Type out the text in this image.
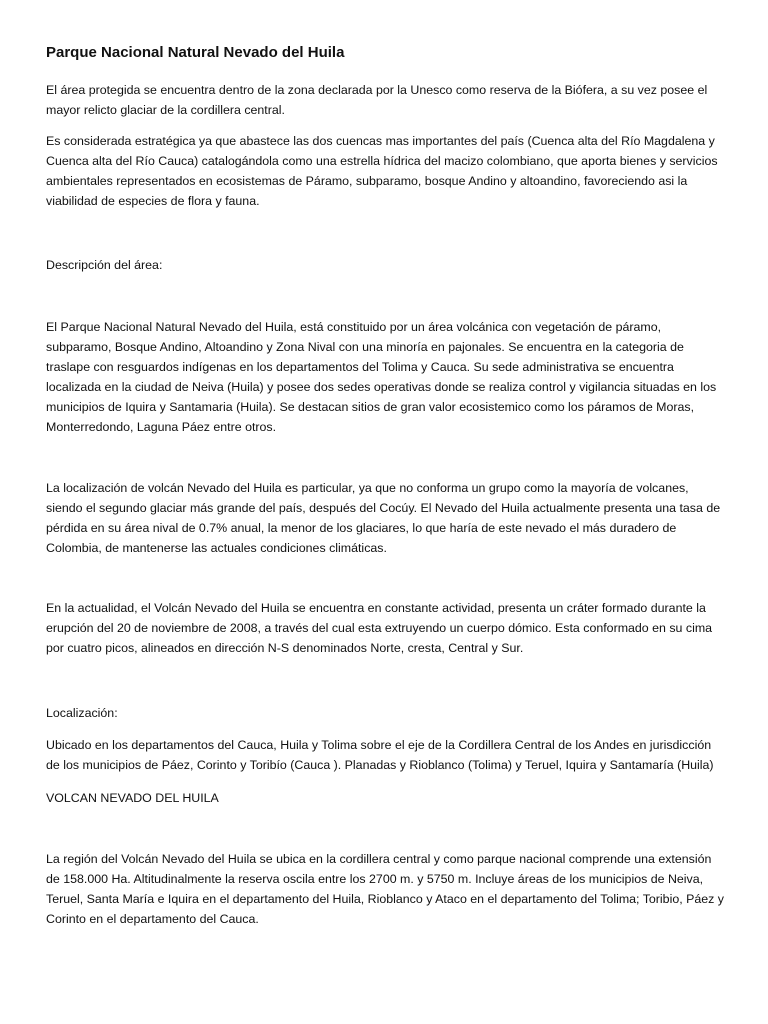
Parque Nacional Natural Nevado del Huila

El área protegida se encuentra dentro de la zona declarada por la Unesco como reserva de la Biófera, a su vez posee el mayor relicto glaciar de la cordillera central.

Es considerada estratégica ya que abastece las dos cuencas mas importantes del país (Cuenca alta del Río Magdalena y Cuenca alta del Río Cauca) catalogándola como una estrella hídrica del macizo colombiano, que aporta bienes y servicios ambientales representados en ecosistemas de Páramo, subparamo, bosque Andino y altoandino, favoreciendo asi la viabilidad de especies de flora y fauna.

Descripción del área:

El Parque Nacional Natural Nevado del Huila, está constituido por un área volcánica con vegetación de páramo, subparamo, Bosque Andino, Altoandino y Zona Nival con una minoría en pajonales. Se encuentra en la categoria de traslape con resguardos indígenas en los departamentos del Tolima y Cauca. Su sede administrativa se encuentra localizada en la ciudad de Neiva (Huila) y posee dos sedes operativas donde se realiza control y vigilancia situadas en los municipios de Iquira y Santamaria (Huila). Se destacan sitios de gran valor ecosistemico como los páramos de Moras, Monterredondo, Laguna Páez entre otros.

La localización de volcán Nevado del Huila es particular, ya que no conforma un grupo como la mayoría de volcanes, siendo el segundo glaciar más grande del país, después del Cocúy. El Nevado del Huila actualmente presenta una tasa de pérdida en su área nival de 0.7% anual, la menor de los glaciares, lo que haría de este nevado el más duradero de Colombia, de mantenerse las actuales condiciones climáticas.

En la actualidad, el Volcán Nevado del Huila se encuentra en constante actividad, presenta un cráter formado durante la erupción del 20 de noviembre de 2008, a través del cual esta extruyendo un cuerpo dómico. Esta conformado en su cima por cuatro picos, alineados en dirección N-S denominados Norte, cresta, Central y Sur.

Localización:

Ubicado en los departamentos del Cauca, Huila y Tolima sobre el eje de la Cordillera Central de los Andes en jurisdicción de los municipios de Páez, Corinto y Toribío (Cauca ). Planadas y Rioblanco (Tolima) y Teruel, Iquira y Santamaría (Huila)

VOLCAN NEVADO DEL HUILA

La región del Volcán Nevado del Huila se ubica en la cordillera central y como parque nacional comprende una extensión de 158.000 Ha. Altitudinalmente la reserva oscila entre los 2700 m. y 5750 m. Incluye áreas de los municipios de Neiva, Teruel, Santa María e Iquira en el departamento del Huila, Rioblanco y Ataco en el departamento del Tolima; Toribio, Páez y Corinto en el departamento del Cauca.
